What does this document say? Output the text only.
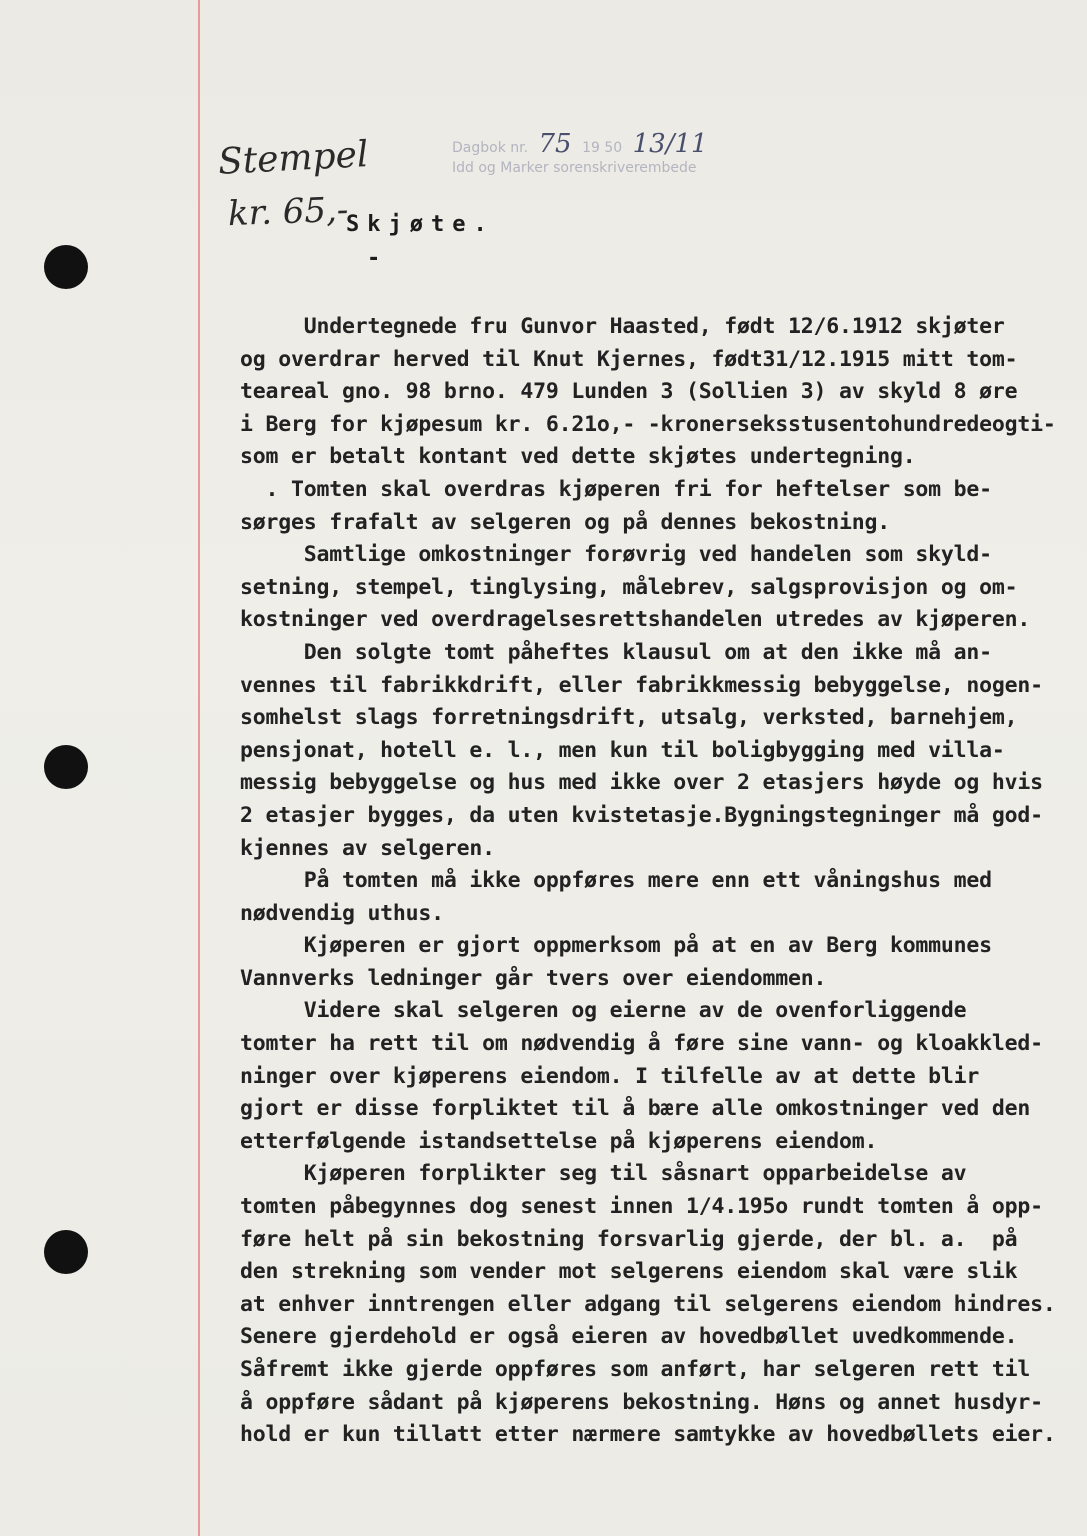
Stempel
kr. 65,-
Dagbok nr. 75 19 50 13/11
Idd og Marker sorenskriverembede
Skjøte.
-
Undertegnede fru Gunvor Haasted, født 12/6.1912 skjøter
og overdrar herved til Knut Kjernes, født31/12.1915 mitt tom-
teareal gno. 98 brno. 479 Lunden 3 (Sollien 3) av skyld 8 øre
i Berg for kjøpesum kr. 6.21o,- -kronerseksstusentohundredeogti-
som er betalt kontant ved dette skjøtes undertegning.
. Tomten skal overdras kjøperen fri for heftelser som be-
sørges frafalt av selgeren og på dennes bekostning.
Samtlige omkostninger forøvrig ved handelen som skyld-
setning, stempel, tinglysing, målebrev, salgsprovisjon og om-
kostninger ved overdragelsesrettshandelen utredes av kjøperen.
Den solgte tomt påheftes klausul om at den ikke må an-
vennes til fabrikkdrift, eller fabrikkmessig bebyggelse, nogen-
somhelst slags forretningsdrift, utsalg, verksted, barnehjem,
pensjonat, hotell e. l., men kun til boligbygging med villa-
messig bebyggelse og hus med ikke over 2 etasjers høyde og hvis
2 etasjer bygges, da uten kvistetasje.Bygningstegninger må god-
kjennes av selgeren.
På tomten må ikke oppføres mere enn ett våningshus med
nødvendig uthus.
Kjøperen er gjort oppmerksom på at en av Berg kommunes
Vannverks ledninger går tvers over eiendommen.
Videre skal selgeren og eierne av de ovenforliggende
tomter ha rett til om nødvendig å føre sine vann- og kloakkled-
ninger over kjøperens eiendom. I tilfelle av at dette blir
gjort er disse forpliktet til å bære alle omkostninger ved den
etterfølgende istandsettelse på kjøperens eiendom.
Kjøperen forplikter seg til såsnart opparbeidelse av
tomten påbegynnes dog senest innen 1/4.195o rundt tomten å opp-
føre helt på sin bekostning forsvarlig gjerde, der bl. a.  på
den strekning som vender mot selgerens eiendom skal være slik
at enhver inntrengen eller adgang til selgerens eiendom hindres.
Senere gjerdehold er også eieren av hovedbøllet uvedkommende.
Såfremt ikke gjerde oppføres som anført, har selgeren rett til
å oppføre sådant på kjøperens bekostning. Høns og annet husdyr-
hold er kun tillatt etter nærmere samtykke av hovedbøllets eier.
